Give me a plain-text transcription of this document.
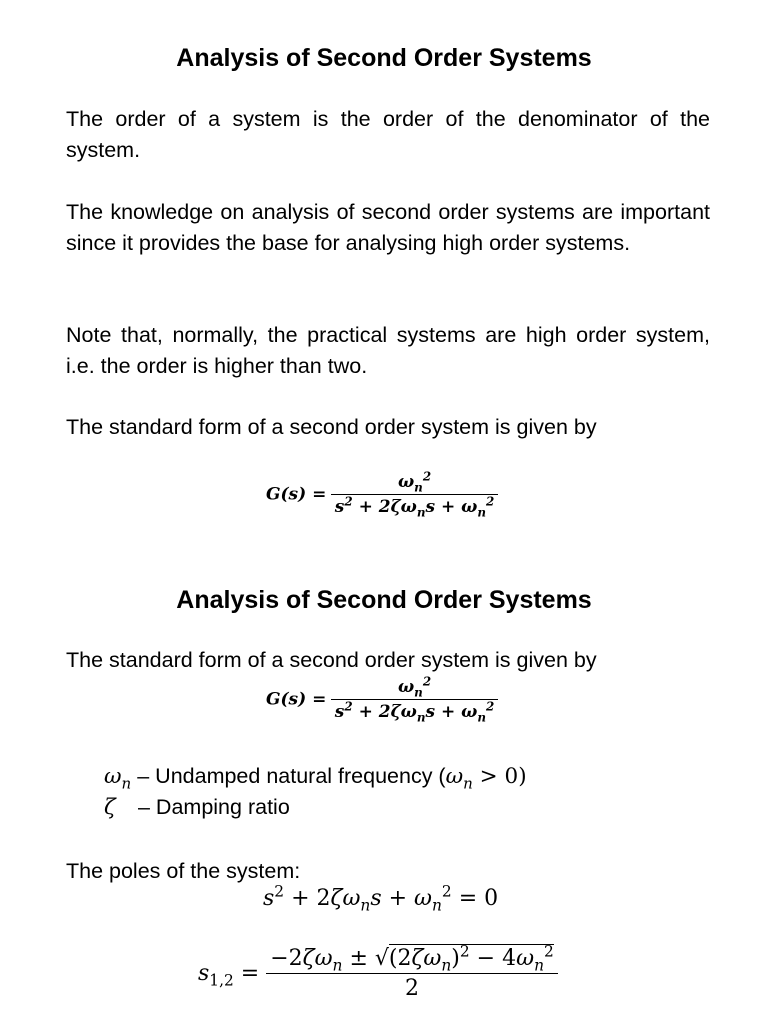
Analysis of Second Order Systems
The order of a system is the order of the denominator of the system.
The knowledge on analysis of second order systems are important since it provides the base for analysing high order systems.
Note that, normally, the practical systems are high order system, i.e. the order is higher than two.
The standard form of a second order system is given by
$G(s) = \frac{\omega_n^2}{s^2 + 2\zeta\omega_ns + \omega_n^2}$
Analysis of Second Order Systems
The standard form of a second order system is given by
$G(s) = \frac{\omega_n^2}{s^2 + 2\zeta\omega_ns + \omega_n^2}$
$\omega_n$ – Undamped natural frequency $(\omega_n > 0)$
ζ – Damping ratio
The poles of the system:
$s^2 + 2\zeta\omega_ns + \omega_n^2 = 0$
$s_{1,2} = \frac{-2\zeta\omega_n \pm √(2\zeta\omega_n)^2 - 4\omega_n^2}{2}$
